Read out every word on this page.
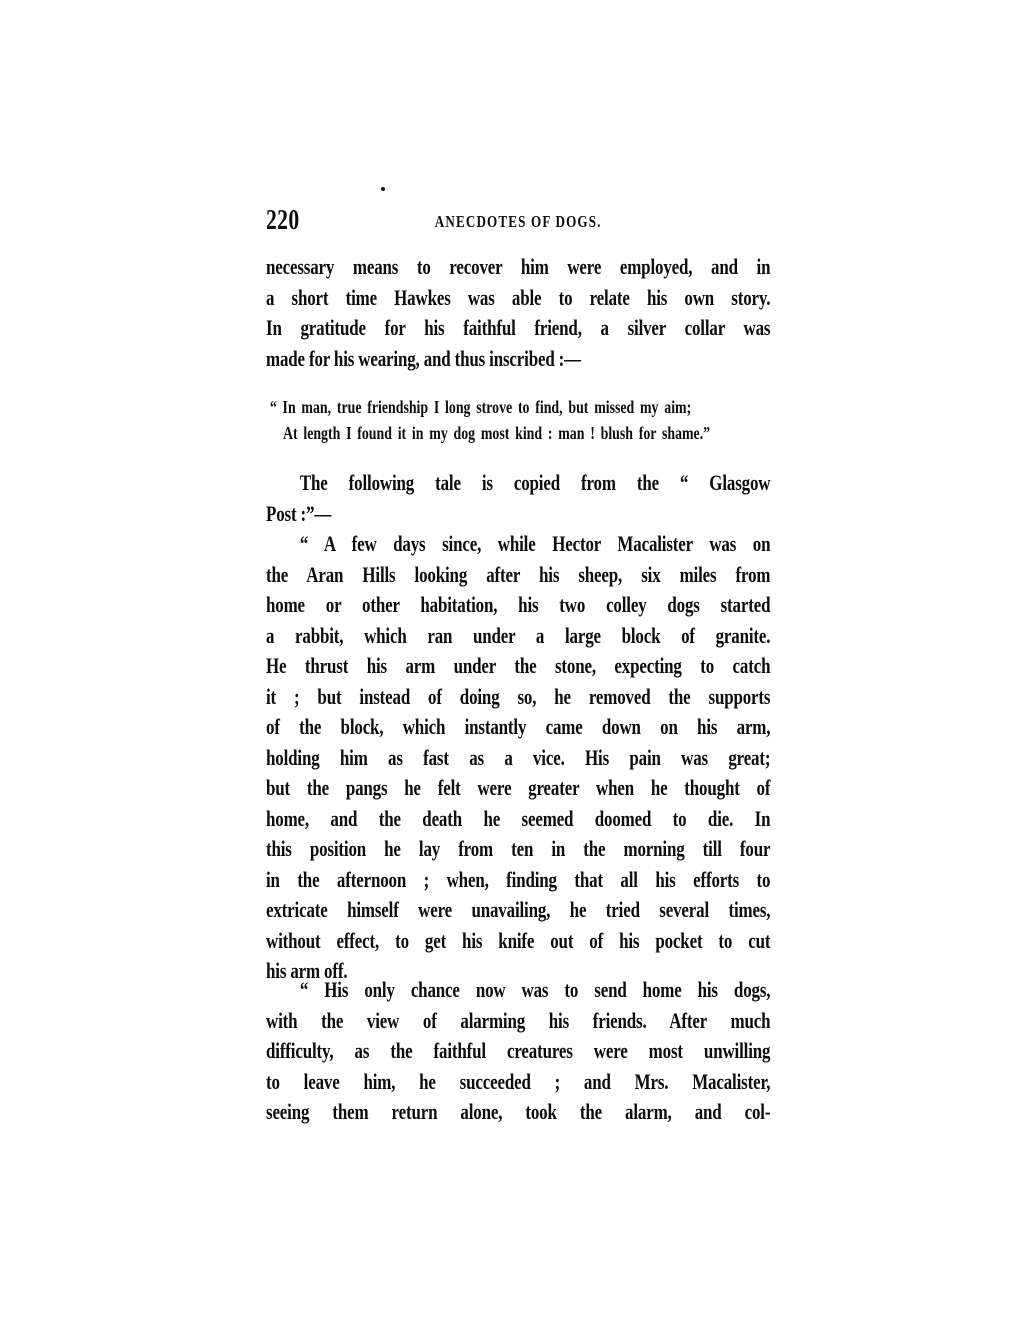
220	ANECDOTES OF DOGS.
necessary means to recover him were employed, and in
a short time Hawkes was able to relate his own story.
In gratitude for his faithful friend, a silver collar was
made for his wearing, and thus inscribed :—
“ In man, true friendship I long strove to find, but missed my aim;
At length I found it in my dog most kind : man ! blush for shame.”
The following tale is copied from the “ Glasgow
Post :”—
“ A few days since, while Hector Macalister was on
the Aran Hills looking after his sheep, six miles from
home or other habitation, his two colley dogs started
a rabbit, which ran under a large block of granite.
He thrust his arm under the stone, expecting to catch
it ; but instead of doing so, he removed the supports
of the block, which instantly came down on his arm,
holding him as fast as a vice. His pain was great;
but the pangs he felt were greater when he thought of
home, and the death he seemed doomed to die. In
this position he lay from ten in the morning till four
in the afternoon ; when, finding that all his efforts to
extricate himself were unavailing, he tried several times,
without effect, to get his knife out of his pocket to cut
his arm off.
“ His only chance now was to send home his dogs,
with the view of alarming his friends. After much
difficulty, as the faithful creatures were most unwilling
to leave him, he succeeded ; and Mrs. Macalister,
seeing them return alone, took the alarm, and col-
